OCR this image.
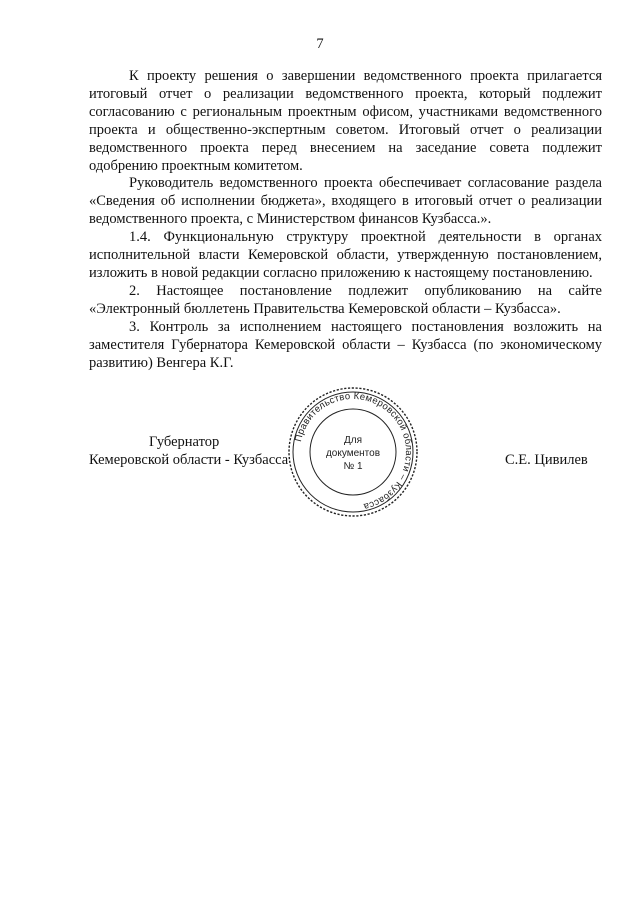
7

К проекту решения о завершении ведомственного проекта прилагается итоговый отчет о реализации ведомственного проекта, который подлежит согласованию с региональным проектным офисом, участниками ведомственного проекта и общественно-экспертным советом. Итоговый отчет о реализации ведомственного проекта перед внесением на заседание совета подлежит одобрению проектным комитетом.

Руководитель ведомственного проекта обеспечивает согласование раздела «Сведения об исполнении бюджета», входящего в итоговый отчет о реализации ведомственного проекта, с Министерством финансов Кузбасса.».

1.4. Функциональную структуру проектной деятельности в органах исполнительной власти Кемеровской области, утвержденную постановлением, изложить в новой редакции согласно приложению к настоящему постановлению.

2. Настоящее постановление подлежит опубликованию на сайте «Электронный бюллетень Правительства Кемеровской области – Кузбасса».

3. Контроль за исполнением настоящего постановления возложить на заместителя Губернатора Кемеровской области – Кузбасса (по экономическому развитию) Венгера К.Г.

Губернатор
Кемеровской области - Кузбасса	С.Е. Цивилев
Правительство Кемеровской области – Кузбасса
Для
документов
№ 1
